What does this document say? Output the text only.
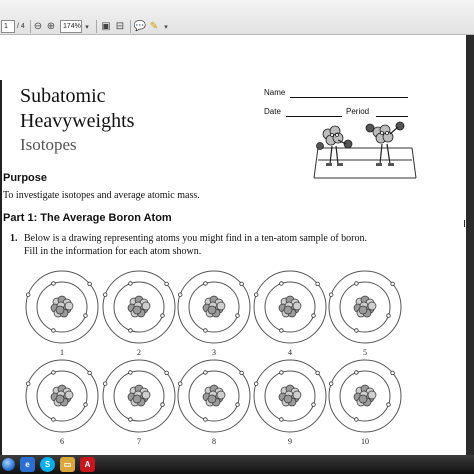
1	/ 4 ⊖ ⊕	174% ▾	▣ ⊟ 💬 ✎ ▾
Subatomic
Heavyweights
Isotopes
Name
Date	Period
Purpose
To investigate isotopes and average atomic mass.
Part 1: The Average Boron Atom
1. Below is a drawing representing atoms you might find in a ten-atom sample of boron.
Fill in the information for each atom shown.
I
1	2	3	4	5
6	7	8	9	10
e	S	▭	A
